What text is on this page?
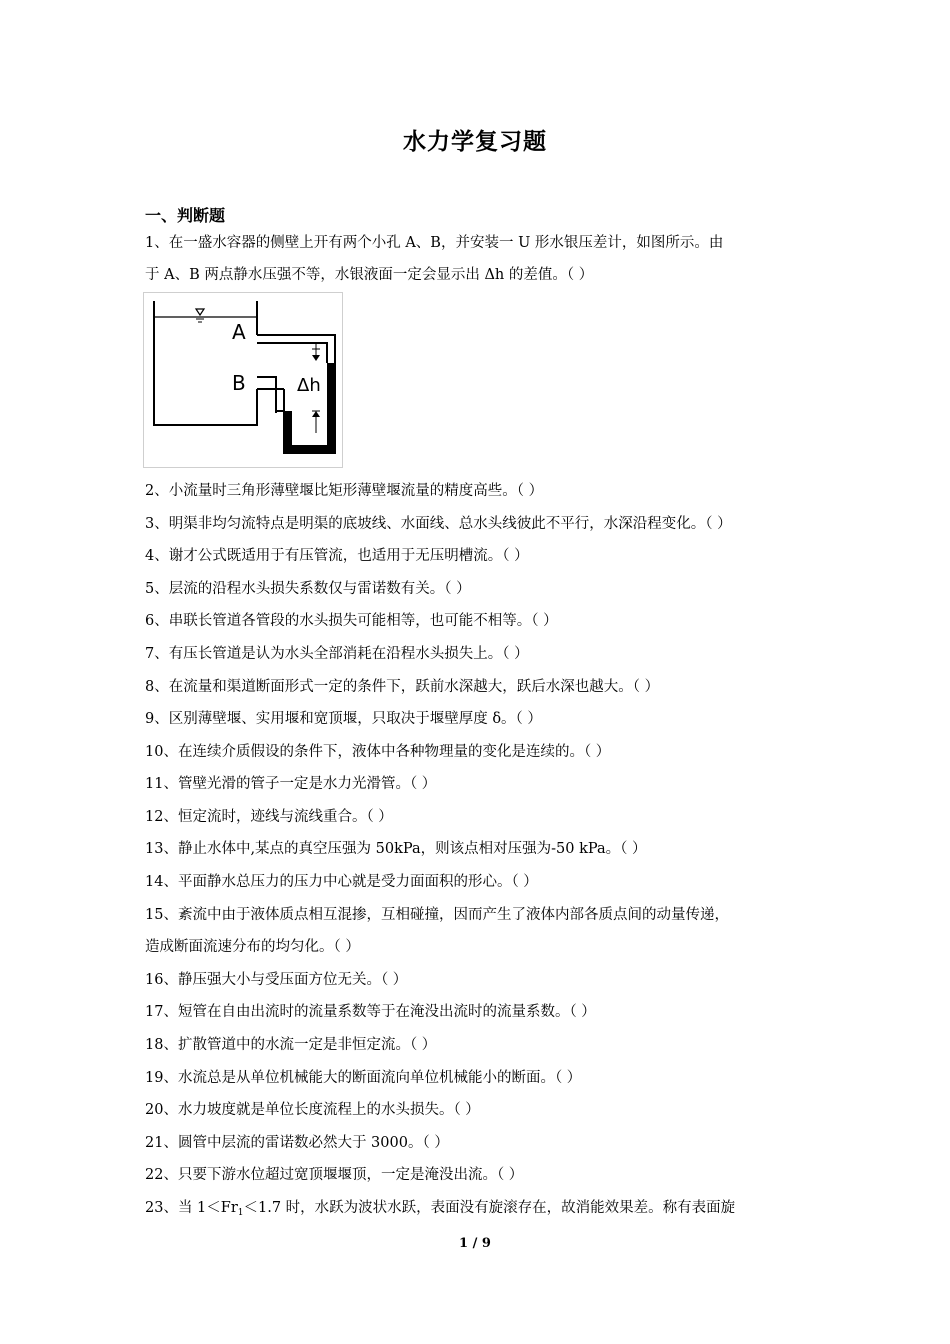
水力学复习题
一、判断题
1、在一盛水容器的侧壁上开有两个小孔 A、B，并安装一 U 形水银压差计，如图所示。由
于 A、B 两点静水压强不等，水银液面一定会显示出 Δh 的差值。（ ）
A
B	Δh
2、小流量时三角形薄壁堰比矩形薄壁堰流量的精度高些。（ ）
3、明渠非均匀流特点是明渠的底坡线、水面线、总水头线彼此不平行，水深沿程变化。（ ）
4、谢才公式既适用于有压管流，也适用于无压明槽流。（ ）
5、层流的沿程水头损失系数仅与雷诺数有关。（ ）
6、串联长管道各管段的水头损失可能相等，也可能不相等。（ ）
7、有压长管道是认为水头全部消耗在沿程水头损失上。（ ）
8、在流量和渠道断面形式一定的条件下，跃前水深越大，跃后水深也越大。（ ）
9、区别薄壁堰、实用堰和宽顶堰，只取决于堰壁厚度 δ。（ ）
10、在连续介质假设的条件下，液体中各种物理量的变化是连续的。（ ）
11、管壁光滑的管子一定是水力光滑管。（ ）
12、恒定流时，迹线与流线重合。（ ）
13、静止水体中,某点的真空压强为 50kPa，则该点相对压强为-50 kPa。（ ）
14、平面静水总压力的压力中心就是受力面面积的形心。（ ）
15、紊流中由于液体质点相互混掺，互相碰撞，因而产生了液体内部各质点间的动量传递，
造成断面流速分布的均匀化。（ ）
16、静压强大小与受压面方位无关。（ ）
17、短管在自由出流时的流量系数等于在淹没出流时的流量系数。（ ）
18、扩散管道中的水流一定是非恒定流。（ ）
19、水流总是从单位机械能大的断面流向单位机械能小的断面。（ ）
20、水力坡度就是单位长度流程上的水头损失。（ ）
21、圆管中层流的雷诺数必然大于 3000。（ ）
22、只要下游水位超过宽顶堰堰顶，一定是淹没出流。（ ）
23、当 $1<Fr_1<1.7$ 时，水跃为波状水跃，表面没有旋滚存在，故消能效果差。称有表面旋
1 / 9
